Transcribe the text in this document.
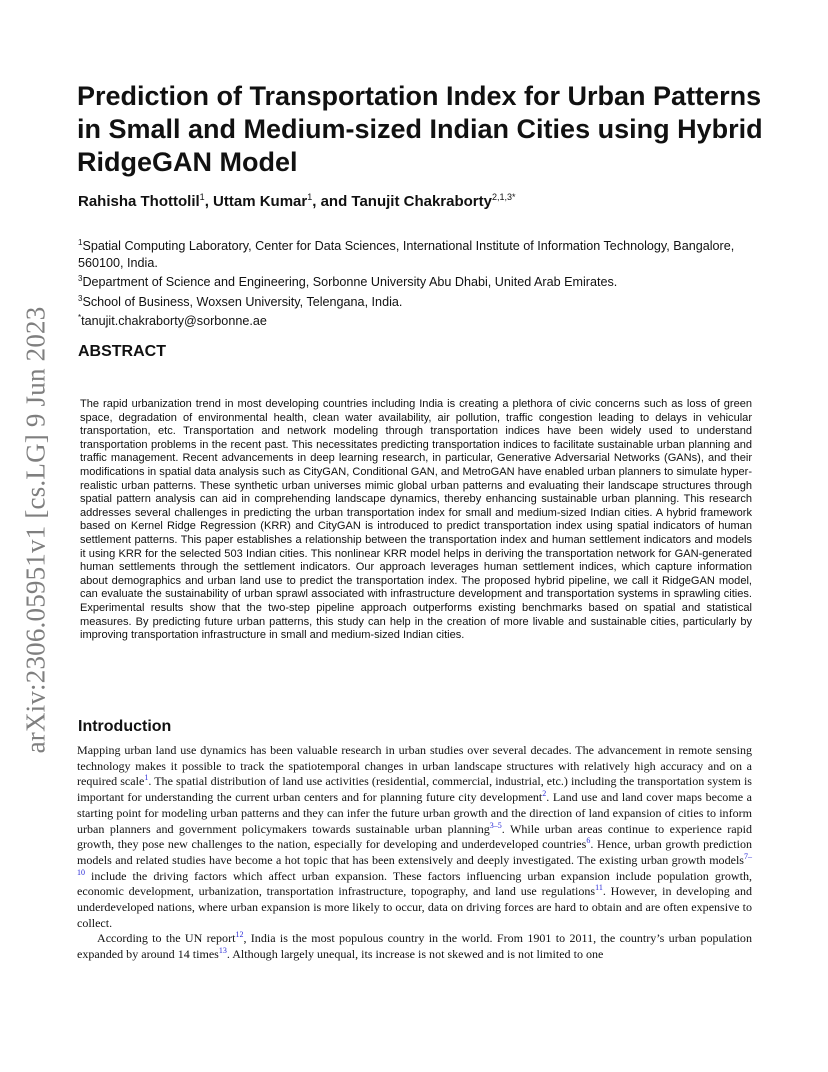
arXiv:2306.05951v1 [cs.LG] 9 Jun 2023
Prediction of Transportation Index for Urban Patterns in Small and Medium-sized Indian Cities using Hybrid RidgeGAN Model
Rahisha Thottolil$^1$, Uttam Kumar$^1$, and Tanujit Chakraborty$^{2,1,3*}$
$^1$Spatial Computing Laboratory, Center for Data Sciences, International Institute of Information Technology, Bangalore, 560100, India.
$^3$Department of Science and Engineering, Sorbonne University Abu Dhabi, United Arab Emirates.
$^3$School of Business, Woxsen University, Telengana, India.
*tanujit.chakraborty@sorbonne.ae
ABSTRACT

The rapid urbanization trend in most developing countries including India is creating a plethora of civic concerns such as loss of green space, degradation of environmental health, clean water availability, air pollution, traffic congestion leading to delays in vehicular transportation, etc. Transportation and network modeling through transportation indices have been widely used to understand transportation problems in the recent past. This necessitates predicting transportation indices to facilitate sustainable urban planning and traffic management. Recent advancements in deep learning research, in particular, Generative Adversarial Networks (GANs), and their modifications in spatial data analysis such as CityGAN, Conditional GAN, and MetroGAN have enabled urban planners to simulate hyper-realistic urban patterns. These synthetic urban universes mimic global urban patterns and evaluating their landscape structures through spatial pattern analysis can aid in comprehending landscape dynamics, thereby enhancing sustainable urban planning. This research addresses several challenges in predicting the urban transportation index for small and medium-sized Indian cities. A hybrid framework based on Kernel Ridge Regression (KRR) and CityGAN is introduced to predict transportation index using spatial indicators of human settlement patterns. This paper establishes a relationship between the transportation index and human settlement indicators and models it using KRR for the selected 503 Indian cities. This nonlinear KRR model helps in deriving the transportation network for GAN-generated human settlements through the settlement indicators. Our approach leverages human settlement indices, which capture information about demographics and urban land use to predict the transportation index. The proposed hybrid pipeline, we call it RidgeGAN model, can evaluate the sustainability of urban sprawl associated with infrastructure development and transportation systems in sprawling cities. Experimental results show that the two-step pipeline approach outperforms existing benchmarks based on spatial and statistical measures. By predicting future urban patterns, this study can help in the creation of more livable and sustainable cities, particularly by improving transportation infrastructure in small and medium-sized Indian cities.

Introduction

Mapping urban land use dynamics has been valuable research in urban studies over several decades. The advancement in remote sensing technology makes it possible to track the spatiotemporal changes in urban landscape structures with relatively high accuracy and on a required scale$^1$. The spatial distribution of land use activities (residential, commercial, industrial, etc.) including the transportation system is important for understanding the current urban centers and for planning future city development$^2$. Land use and land cover maps become a starting point for modeling urban patterns and they can infer the future urban growth and the direction of land expansion of cities to inform urban planners and government policymakers towards sustainable urban planning$^{3-5}$. While urban areas continue to experience rapid growth, they pose new challenges to the nation, especially for developing and underdeveloped countries$^6$. Hence, urban growth prediction models and related studies have become a hot topic that has been extensively and deeply investigated. The existing urban growth models$^{7-10}$ include the driving factors which affect urban expansion. These factors influencing urban expansion include population growth, economic development, urbanization, transportation infrastructure, topography, and land use regulations$^{11}$. However, in developing and underdeveloped nations, where urban expansion is more likely to occur, data on driving forces are hard to obtain and are often expensive to collect.

According to the UN report$^{12}$, India is the most populous country in the world. From 1901 to 2011, the country’s urban population expanded by around 14 times$^{13}$. Although largely unequal, its increase is not skewed and is not limited to one
